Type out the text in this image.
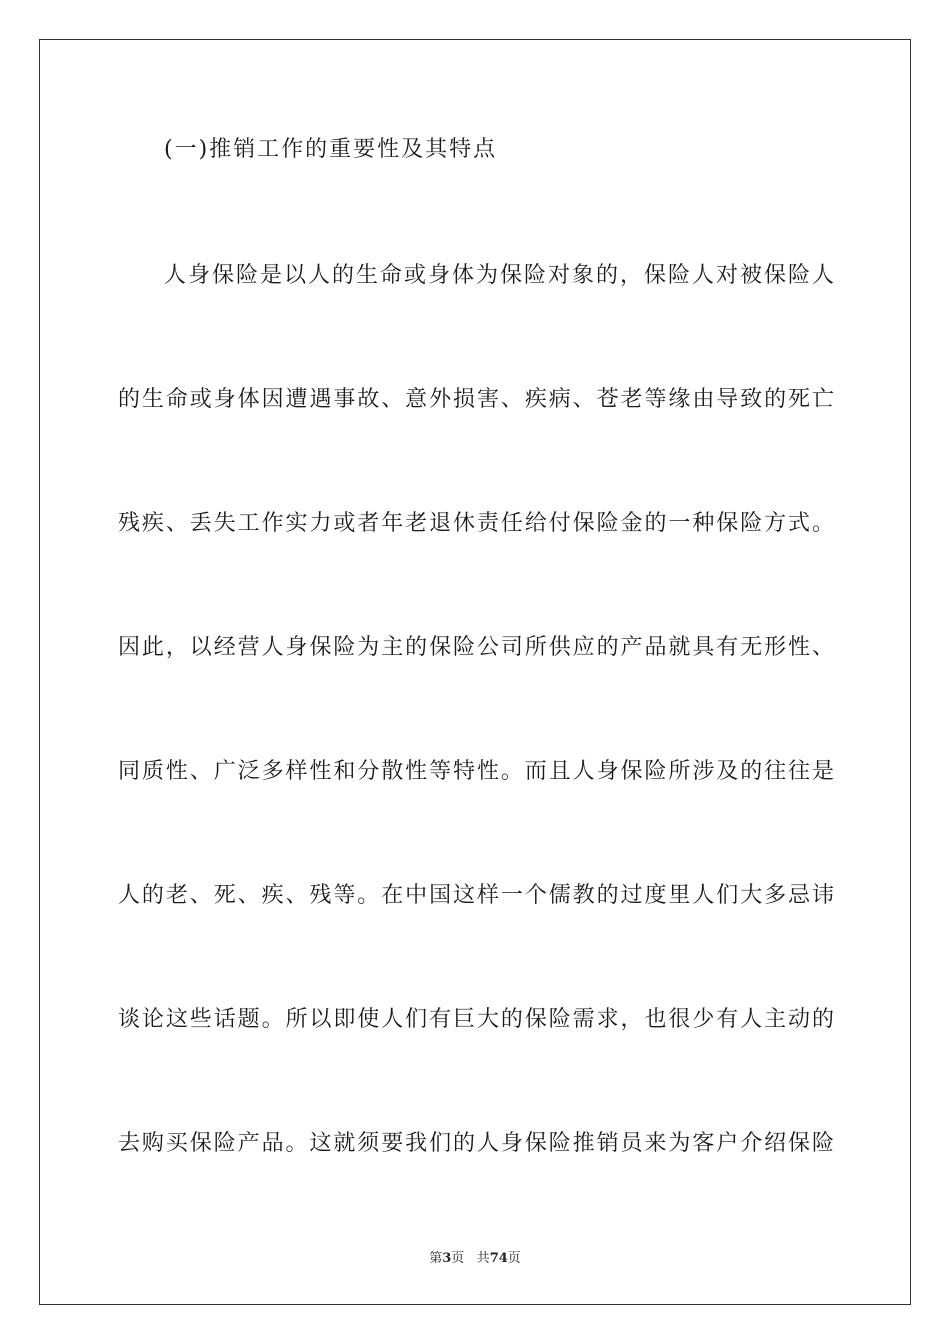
(一)推销工作的重要性及其特点
人身保险是以人的生命或身体为保险对象的，保险人对被保险人
的生命或身体因遭遇事故、意外损害、疾病、苍老等缘由导致的死亡
残疾、丢失工作实力或者年老退休责任给付保险金的一种保险方式。
因此，以经营人身保险为主的保险公司所供应的产品就具有无形性、
同质性、广泛多样性和分散性等特性。而且人身保险所涉及的往往是
人的老、死、疾、残等。在中国这样一个儒教的过度里人们大多忌讳
谈论这些话题。所以即使人们有巨大的保险需求，也很少有人主动的
去购买保险产品。这就须要我们的人身保险推销员来为客户介绍保险
第3页 共74页
